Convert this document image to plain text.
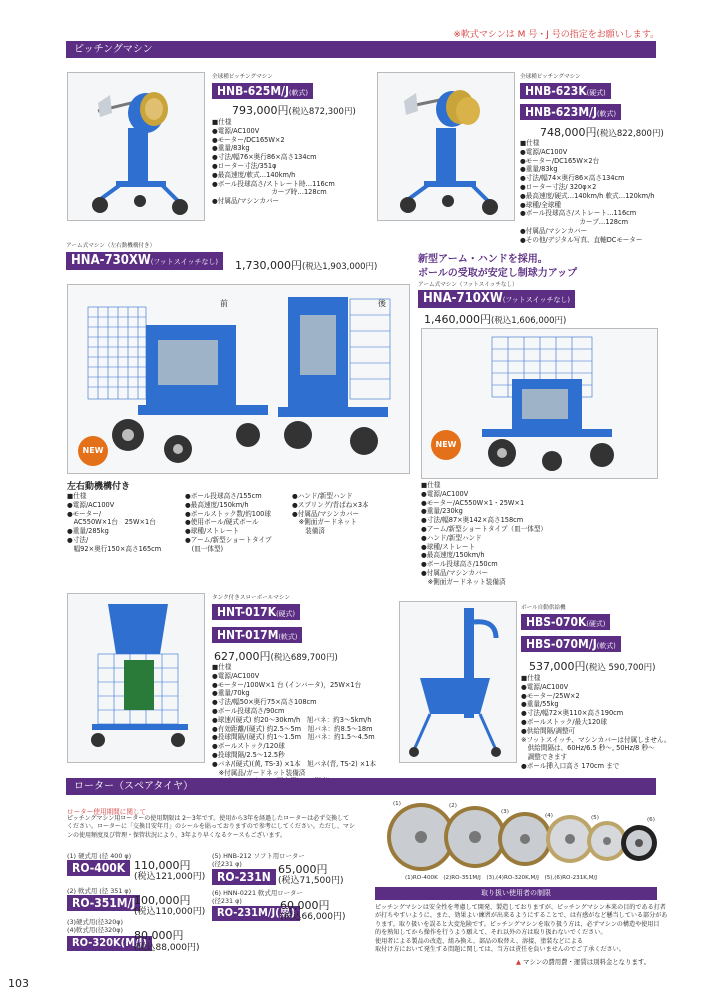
※軟式マシンは M 号・J 号の指定をお願いします。
ピッチングマシン
全球種ピッチングマシン
HNB-625M/J(軟式)
793,000円(税込872,300円)
■仕様
●電源/AC100V
●モーター/DC165W×2
●重量/83kg
●寸法/幅76×奥行86×高さ134cm
●ローター寸法/351φ
●最高速度/軟式…140km/h
●ボール投球高さ/ストレート時…116cm
　　　　　　　　　カーブ時…128cm
●付属品/マシンカバー
全球種ピッチングマシン
HNB-623K(硬式)
HNB-623M/J(軟式)
748,000円(税込822,800円)
■仕様
●電源/AC100V
●モーター/DC165W×2台
●重量/83kg
●寸法/幅74×奥行86×高さ134cm
●ローター寸法/ 320φ×2
●最高速度/硬式…140km/h 軟式…120km/h
●球種/全球種
●ボール投球高さ/ストレート…116cm
　　　　　　　　　カーブ…128cm
●付属品/マシンカバー
●その他/デジタル写真、直軸DCモーター
アーム式マシン（左右動機構付き）
HNA-730XW(フットスイッチなし)	1,730,000円(税込1,903,000円)
前	後
NEW
左右動機構付き
■仕様
●電源/AC100V
●モーター/
　AC550W×1台　25W×1台
●重量/285kg
●寸法/
　幅92×奥行150×高さ165cm
●ボール投球高さ/155cm
●最高速度/150km/h
●ボールストック数/約100球
●使用ボール/硬式ボール
●球種/ストレート
●アーム/新型ショートタイプ
　(皿一体型)
●ハンド/新型ハンド
●スプリング/青ばね×3本
●付属品/マシンカバー
　※側面ガードネット
　　装備済
新型アーム・ハンドを採用。
ボールの受取が安定し制球力アップ
アーム式マシン（フットスイッチなし）
HNA-710XW(フットスイッチなし)
1,460,000円(税込1,606,000円)
NEW
■仕様
●電源/AC100V
●モーター/AC550W×1・25W×1
●重量/230kg
●寸法/幅87×奥142×高さ158cm
●アーム/新型ショートタイプ（皿一体型）
●ハンド/新型ハンド
●球種/ストレート
●最高速度/150km/h
●ボール投球高さ/150cm
●付属品/マシンカバー
　※側面ガードネット装備済
タンク付きスローボールマシン
HNT-017K(硬式)
HNT-017M(軟式)
627,000円(税込689,700円)
■仕様
●電源/AC100V
●モーター/100W×1 台 (インバータ)，25W×1台
●重量/70kg
●寸法/幅50×奥行75×高さ108cm
●ボール投球高さ/90cm
●球速/(硬式) 約20～30km/h　旭バネ：約3～5km/h
●有効距離/(硬式) 約2.5～5m　旭バネ：約8.5～18m
●投球間隔/(硬式) 約1～1.5m　旭バネ：約1.5～4.5m
●ボールストック/120球
●投球間隔/2.5～12.5秒
●バネ/(硬式)(黄, TS-3) ×1本　旭バネ(青, TS-2) ×1本
　※付属品/ガードネット装備済
ボール自動供給機
HBS-070K(硬式)
HBS-070M/J(軟式)
537,000円(税込 590,700円)
■仕様
●電源/AC100V
●モーター/25W×2
●重量/55kg
●寸法/幅72×奥110×高さ190cm
●ボールストック/最大120球
●供給間隔/調整可
※フットスイッチ、マシンカバーは付属しません。
　供給間隔は、60Hz/6.5 秒～, 50Hz/8 秒～
　調整できます
●ボール挿入口高さ 170cm まで
ローター（スペアタイヤ）
ローター使用期間に関して
ピッチングマシン用ローターの使用期限は 2～3年です。使用から3年を経過したローターは必ず交換して
ください。ローターに「交換目安年月」のシールを貼っておりますので参考にしてください。ただし、マシ
ンの使用頻度及び管理・保管状況により、3年より早くなるケースもございます。
(1) 硬式用 (径 400 φ)
RO-400K 110,000円
(税込121,000円)
(2) 軟式用 (径 351 φ)
RO-351M/J
100,000円
(税込110,000円)
(3)硬式用(径320φ)
(4)軟式用(径320φ)
RO-320K(M/J)
80,000円
(税込88,000円)
(5) HNB-212 ソフト用ローター
(径231 φ)
RO-231N
65,000円
(税込71,500円)
(6) HNN-0221 軟式用ローター
(径231 φ)
RO-231M/J(黒)
60,000円
(税込66,000円)
(1)	(2)
(3)
(4)	(5)	(6)
(1)RO-400K　(2)RO-351M/J　(3),(4)RO-320K,M/J　(5),(6)RO-231K,M/J
取り扱い使用者の制限
ピッチングマシンは安全性を考慮して開発、製造しておりますが、ピッチングマシン本来の目的である打者
が打ちやすいように、また、効果よい練習が出来るようにすることで、は有感がなど懸当している部分があ
ります。取り扱いを誤ると大変危険です。ピッチングマシンを取り扱う方は、必ずマシンの構造や使用目
的を熟知してから操作を行うよう願えて、それ以外の方は取り扱わないでください。
使用者による製品の改造、組み換え、部品の取替え、溶接、塗装などによる
取付け方において発生する問題に関しては、当方は責任を負いませんのでご了承ください。
▲ マシンの費用費・運賃は別料金となります。
103
